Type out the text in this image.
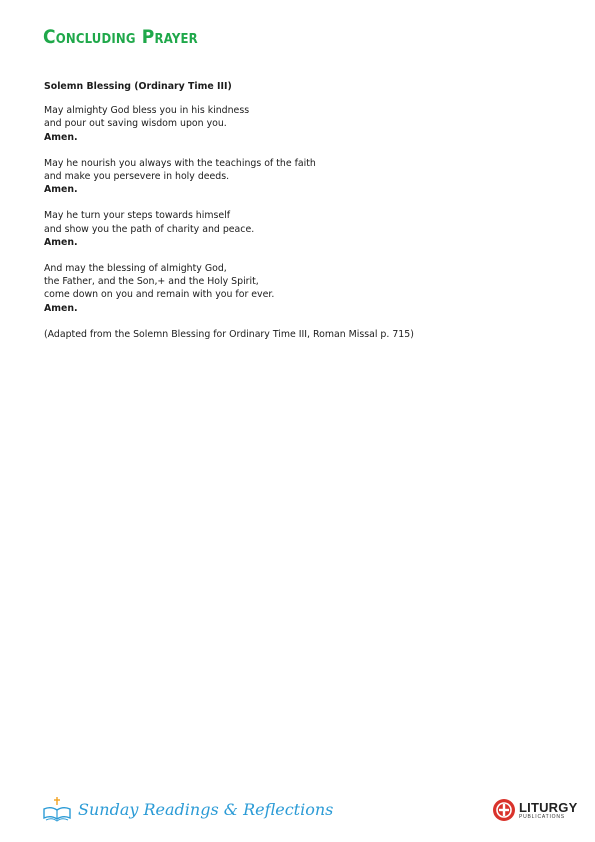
Concluding Prayer
Solemn Blessing (Ordinary Time III)
May almighty God bless you in his kindness
and pour out saving wisdom upon you.
Amen.
May he nourish you always with the teachings of the faith
and make you persevere in holy deeds.
Amen.
May he turn your steps towards himself
and show you the path of charity and peace.
Amen.
And may the blessing of almighty God,
the Father, and the Son,+ and the Holy Spirit,
come down on you and remain with you for ever.
Amen.
(Adapted from the Solemn Blessing for Ordinary Time III, Roman Missal p. 715)
Sunday Readings & Reflections	LITURGY
PUBLICATIONS
